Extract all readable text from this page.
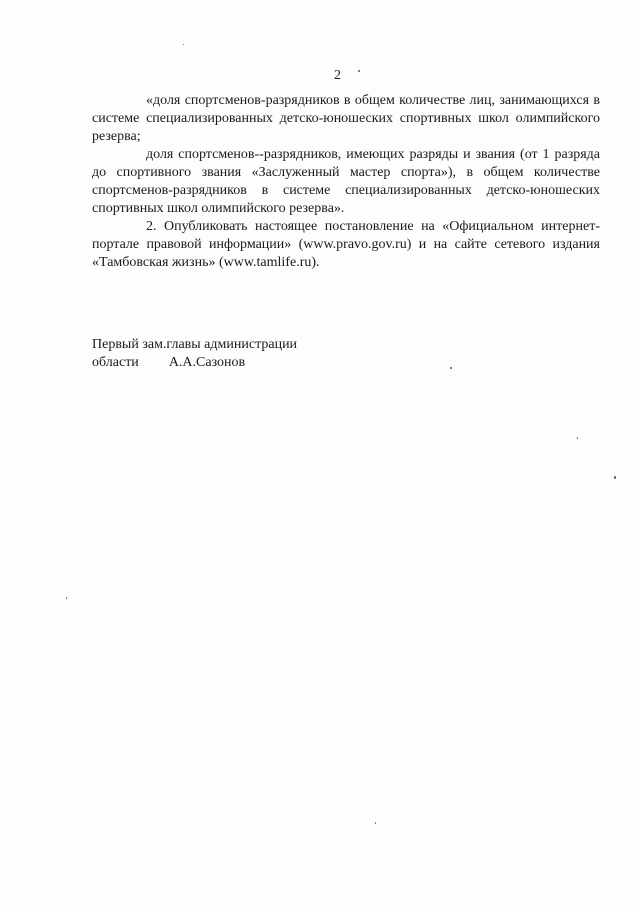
2

«доля спортсменов-разрядников в общем количестве лиц, занимающихся в системе специализированных детско-юношеских спортивных школ олимпийского резерва;

доля спортсменов--разрядников, имеющих разряды и звания (от 1 разряда до спортивного звания «Заслуженный мастер спорта»), в общем количестве спортсменов-разрядников в системе специализированных детско-юношеских спортивных школ олимпийского резерва».

2. Опубликовать настоящее постановление на «Официальном интернет-портале правовой информации» (www.pravo.gov.ru) и на сайте сетевого издания «Тамбовская жизнь» (www.tamlife.ru).

Первый зам.главы администрации

области А.А.Сазонов
